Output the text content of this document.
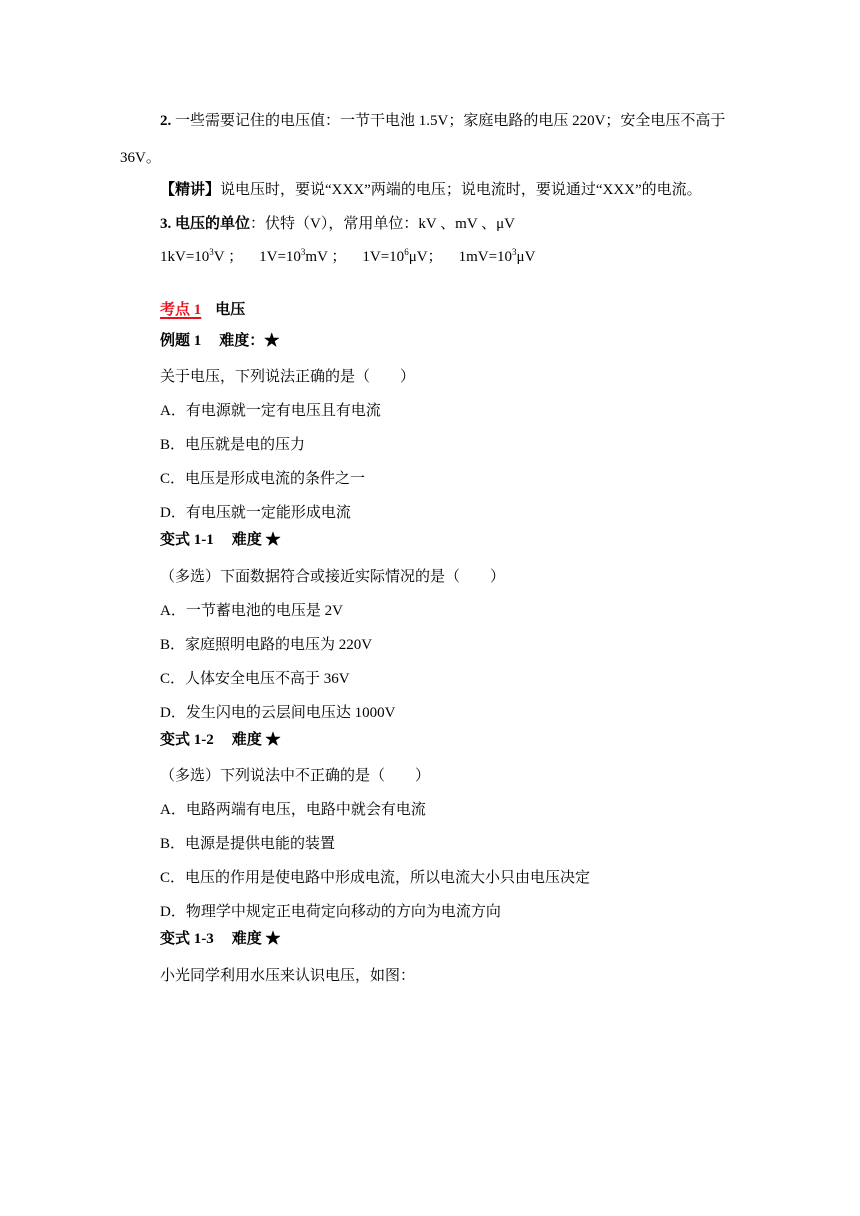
2. 一些需要记住的电压值：一节干电池 1.5V；家庭电路的电压 220V；安全电压不高于
36V。
【精讲】说电压时，要说“XXX”两端的电压；说电流时，要说通过“XXX”的电流。
3. 电压的单位：伏特（V），常用单位：kV 、mV 、μV
$1kV=10^3V$ ； $1V=10^3mV$ ； $1V=10^6\mu V$； $1mV=10^3\mu V$
考点 1 电压
例题 1 难度：★
关于电压，下列说法正确的是（　　）
A．有电源就一定有电压且有电流
B．电压就是电的压力
C．电压是形成电流的条件之一
D．有电压就一定能形成电流
变式 1-1 难度 ★
（多选）下面数据符合或接近实际情况的是（　　）
A．一节蓄电池的电压是 2V
B．家庭照明电路的电压为 220V
C．人体安全电压不高于 36V
D．发生闪电的云层间电压达 1000V
变式 1-2 难度 ★
（多选）下列说法中不正确的是（　　）
A．电路两端有电压，电路中就会有电流
B．电源是提供电能的装置
C．电压的作用是使电路中形成电流，所以电流大小只由电压决定
D．物理学中规定正电荷定向移动的方向为电流方向
变式 1-3 难度 ★
小光同学利用水压来认识电压，如图：
